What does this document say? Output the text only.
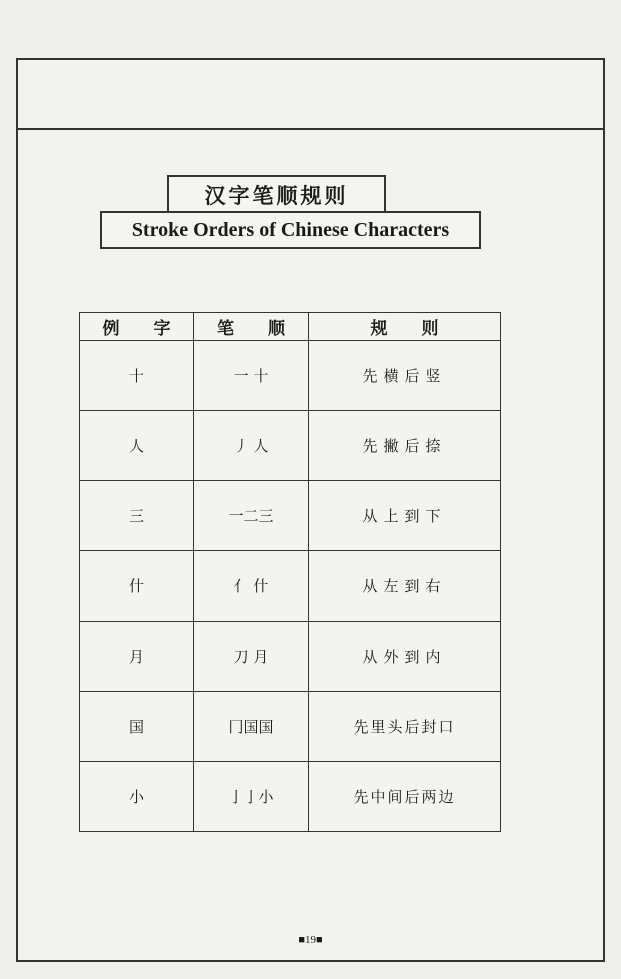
汉字笔顺规则
Stroke Orders of Chinese Characters
例字	笔顺	规则
十	一 十	先横后竖
人	丿 人	先撇后捺
三	一二三	从上到下
什	亻 什	从左到右
月	刀 月	从外到内
国	冂国国	先里头后封口
小	亅亅小	先中间后两边
■19■
